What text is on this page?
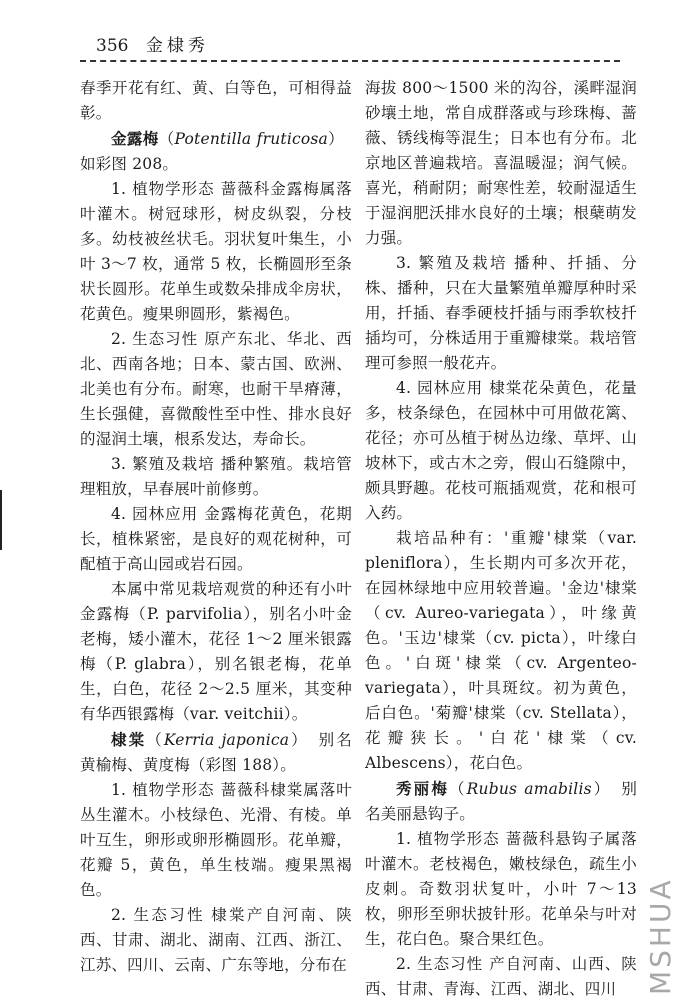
356 金棣秀

春季开花有红、黄、白等色，可相得益彰。

金露梅（Potentilla fruticosa）　如彩图 208。

1. 植物学形态 蔷薇科金露梅属落叶灌木。树冠球形，树皮纵裂，分枝多。幼枝被丝状毛。羽状复叶集生，小叶 3～7 枚，通常 5 枚，长椭圆形至条状长圆形。花单生或数朵排成伞房状，花黄色。瘦果卵圆形，紫褐色。

2. 生态习性 原产东北、华北、西北、西南各地；日本、蒙古国、欧洲、北美也有分布。耐寒，也耐干旱瘠薄，生长强健，喜微酸性至中性、排水良好的湿润土壤，根系发达，寿命长。

3. 繁殖及栽培 播种繁殖。栽培管理粗放，早春展叶前修剪。

4. 园林应用 金露梅花黄色，花期长，植株紧密，是良好的观花树种，可配植于高山园或岩石园。

本属中常见栽培观赏的种还有小叶金露梅（P. parvifolia），别名小叶金老梅，矮小灌木，花径 1～2 厘米银露梅（P. glabra），别名银老梅，花单生，白色，花径 2～2.5 厘米，其变种有华西银露梅（var. veitchii）。

棣棠（Kerria japonica）　别名黄榆梅、黄度梅（彩图 188）。

1. 植物学形态 蔷薇科棣棠属落叶丛生灌木。小枝绿色、光滑、有棱。单叶互生，卵形或卵形椭圆形。花单瓣，花瓣 5，黄色，单生枝端。瘦果黑褐色。

2. 生态习性 棣棠产自河南、陕西、甘肃、湖北、湖南、江西、浙江、江苏、四川、云南、广东等地，分布在

海拔 800～1500 米的沟谷，溪畔湿润砂壤土地，常自成群落或与珍珠梅、蔷薇、锈线梅等混生；日本也有分布。北京地区普遍栽培。喜温暖湿；润气候。喜光，稍耐阴；耐寒性差，较耐湿适生于湿润肥沃排水良好的土壤；根蘖萌发力强。

3. 繁殖及栽培 播种、扦插、分株、播种，只在大量繁殖单瓣厚种时采用，扦插、春季硬枝扦插与雨季软枝扦插均可，分株适用于重瓣棣棠。栽培管理可参照一般花卉。

4. 园林应用 棣棠花朵黄色，花量多，枝条绿色，在园林中可用做花篱、花径；亦可丛植于树丛边缘、草坪、山坡林下，或古木之旁，假山石缝隙中，颇具野趣。花枝可瓶插观赏，花和根可入药。

栽培品种有：'重瓣'棣棠（var. pleniflora），生长期内可多次开花，在园林绿地中应用较普遍。'金边'棣棠（cv. Aureo-variegata），叶缘黄色。'玉边'棣棠（cv. picta），叶缘白色。'白斑'棣棠（cv. Argenteo-variegata），叶具斑纹。初为黄色，后白色。'菊瓣'棣棠（cv. Stellata），花瓣狭长。'白花'棣棠（cv. Albescens），花白色。

秀丽梅（Rubus amabilis）　别名美丽悬钩子。

1. 植物学形态 蔷薇科悬钩子属落叶灌木。老枝褐色，嫩枝绿色，疏生小皮刺。奇数羽状复叶，小叶 7～13 枚，卵形至卵状披针形。花单朵与叶对生，花白色。聚合果红色。

2. 生态习性 产自河南、山西、陕西、甘肃、青海、江西、湖北、四川 MSHUA
